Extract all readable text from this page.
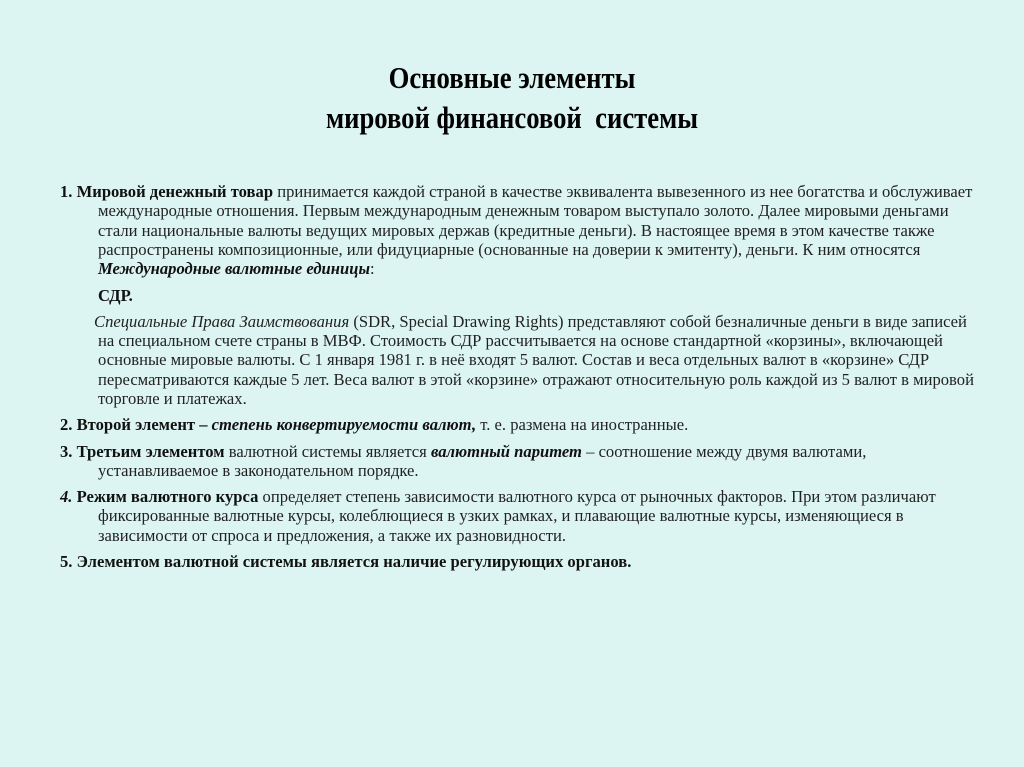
Основные элементы
мировой финансовой  системы

1. Мировой денежный товар принимается каждой страной в качестве эквивалента вывезенного из нее богатства и обслуживает международные отношения. Первым международным денежным товаром выступало золото. Далее мировыми деньгами стали национальные валюты ведущих мировых держав (кредитные деньги). В настоящее время в этом качестве также распространены композиционные, или фидуциарные (основанные на доверии к эмитенту), деньги. К ним относятся Международные валютные единицы:

СДР.

Специальные Права Заимствования (SDR, Special Drawing Rights) представляют собой безналичные деньги в виде записей на специальном счете страны в МВФ. Стоимость СДР рассчитывается на основе стандартной «корзины», включающей основные мировые валюты. С 1 января 1981 г. в неё входят 5 валют. Состав и веса отдельных валют в «корзине» СДР пересматриваются каждые 5 лет. Веса валют в этой «корзине» отражают относительную роль каждой из 5 валют в мировой торговле и платежах.

2. Второй элемент – степень конвертируемости валют, т. е. размена на иностранные.

3. Третьим элементом валютной системы является валютный паритет – соотношение между двумя валютами, устанавливаемое в законодательном порядке.

4. Режим валютного курса определяет степень зависимости валютного курса от рыночных факторов. При этом различают фиксированные валютные курсы, колеблющиеся в узких рамках, и плавающие валютные курсы, изменяющиеся в зависимости от спроса и предложения, а также их разновидности.

5. Элементом валютной системы является наличие регулирующих органов.
